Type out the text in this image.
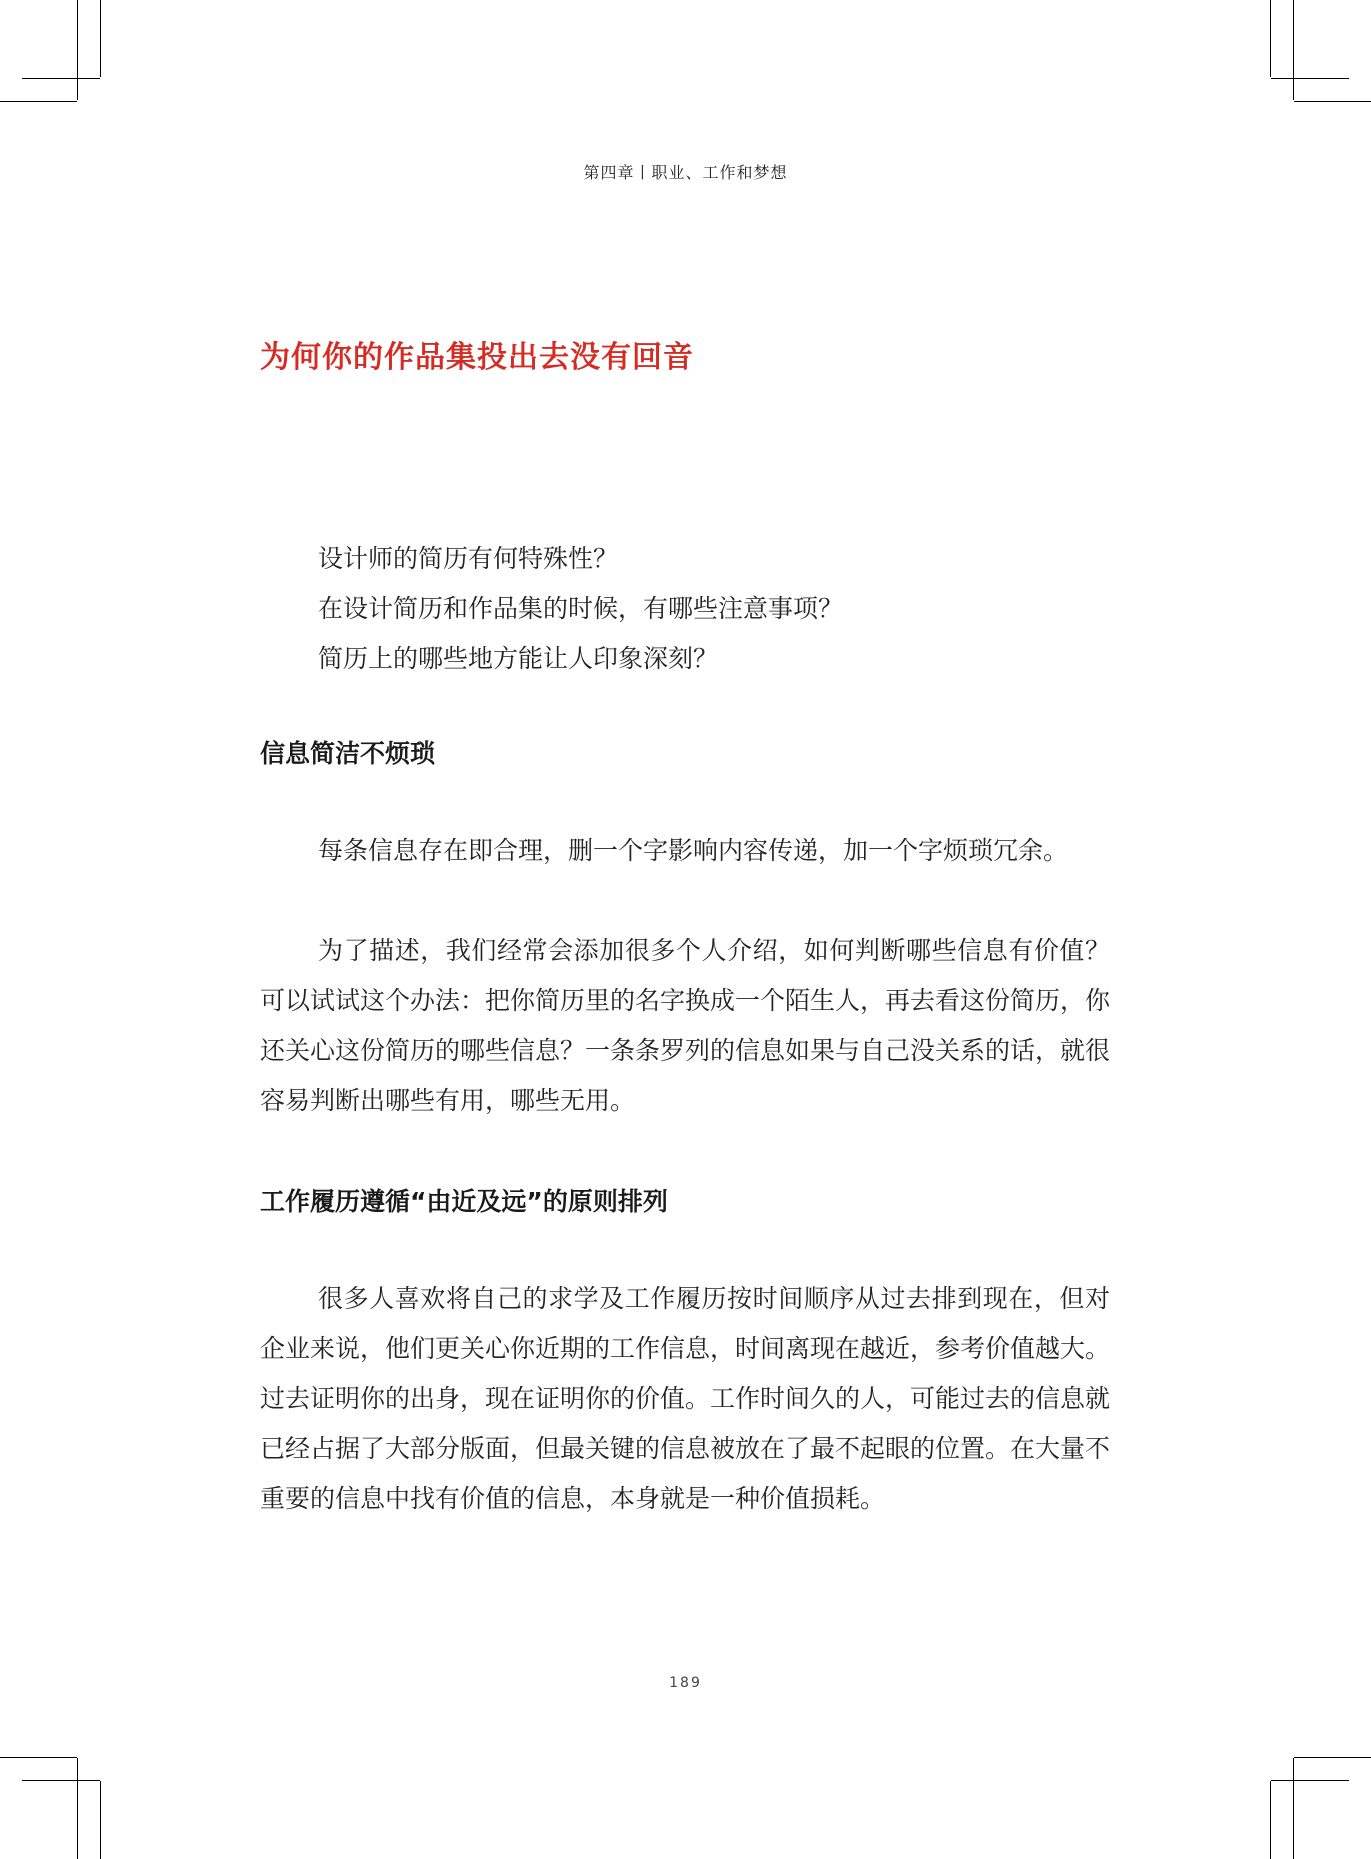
第四章丨职业、工作和梦想
为何你的作品集投出去没有回音
设计师的简历有何特殊性？
在设计简历和作品集的时候，有哪些注意事项？
简历上的哪些地方能让人印象深刻？
信息简洁不烦琐

每条信息存在即合理，删一个字影响内容传递，加一个字烦琐冗余。

为了描述，我们经常会添加很多个人介绍，如何判断哪些信息有价值？可以试试这个办法：把你简历里的名字换成一个陌生人，再去看这份简历，你还关心这份简历的哪些信息？一条条罗列的信息如果与自己没关系的话，就很容易判断出哪些有用，哪些无用。

工作履历遵循“由近及远”的原则排列

很多人喜欢将自己的求学及工作履历按时间顺序从过去排到现在，但对企业来说，他们更关心你近期的工作信息，时间离现在越近，参考价值越大。过去证明你的出身，现在证明你的价值。工作时间久的人，可能过去的信息就已经占据了大部分版面，但最关键的信息被放在了最不起眼的位置。在大量不重要的信息中找有价值的信息，本身就是一种价值损耗。

189
